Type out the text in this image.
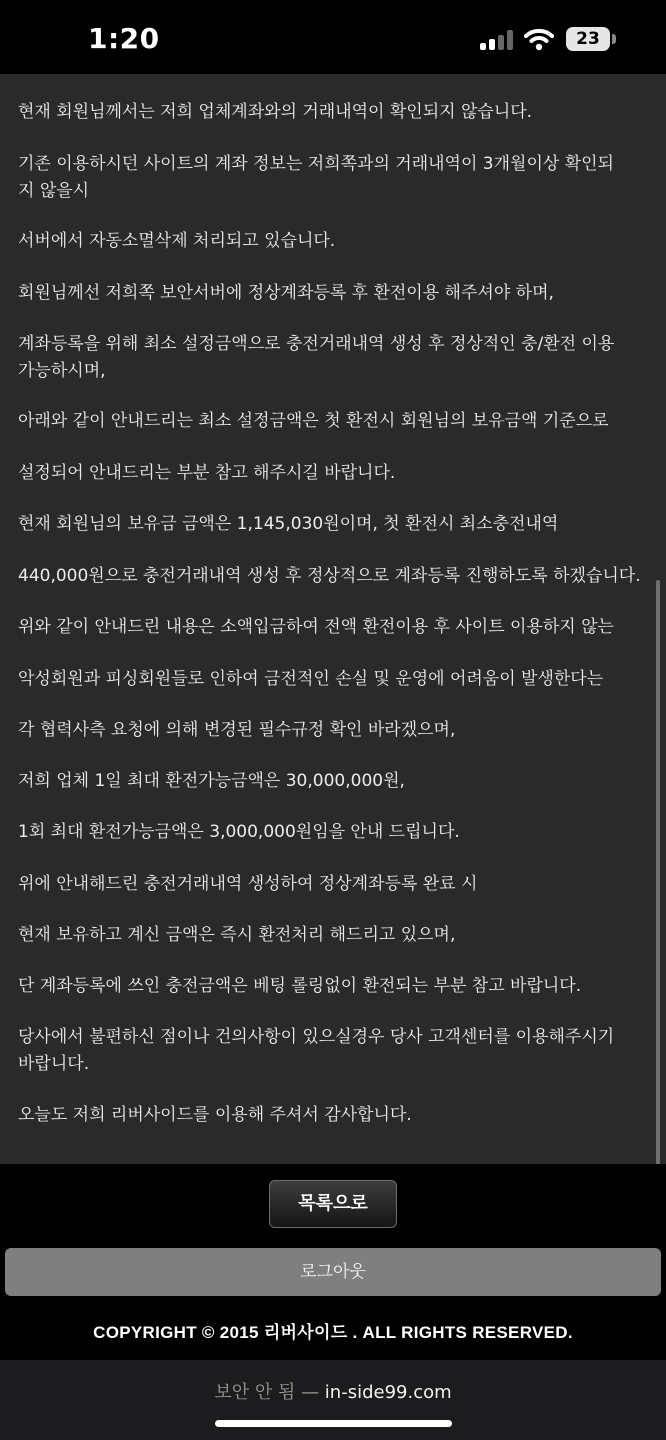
1:20	23
현재 회원님께서는 저희 업체계좌와의 거래내역이 확인되지 않습니다.
기존 이용하시던 사이트의 계좌 정보는 저희쪽과의 거래내역이 3개월이상 확인되
지 않을시
서버에서 자동소멸삭제 처리되고 있습니다.
회원님께선 저희쪽 보안서버에 정상계좌등록 후 환전이용 해주셔야 하며,
계좌등록을 위해 최소 설정금액으로 충전거래내역 생성 후 정상적인 충/환전 이용
가능하시며,
아래와 같이 안내드리는 최소 설정금액은 첫 환전시 회원님의 보유금액 기준으로
설정되어 안내드리는 부분 참고 해주시길 바랍니다.
현재 회원님의 보유금 금액은 1,145,030원이며, 첫 환전시 최소충전내역
440,000원으로 충전거래내역 생성 후 정상적으로 계좌등록 진행하도록 하겠습니다.
위와 같이 안내드린 내용은 소액입금하여 전액 환전이용 후 사이트 이용하지 않는
악성회원과 피싱회원들로 인하여 금전적인 손실 및 운영에 어려움이 발생한다는
각 협력사측 요청에 의해 변경된 필수규정 확인 바라겠으며,
저희 업체 1일 최대 환전가능금액은 30,000,000원,
1회 최대 환전가능금액은 3,000,000원임을 안내 드립니다.
위에 안내해드린 충전거래내역 생성하여 정상계좌등록 완료 시
현재 보유하고 계신 금액은 즉시 환전처리 해드리고 있으며,
단 계좌등록에 쓰인 충전금액은 베팅 롤링없이 환전되는 부분 참고 바랍니다.
당사에서 불편하신 점이나 건의사항이 있으실경우 당사 고객센터를 이용해주시기
바랍니다.
오늘도 저희 리버사이드를 이용해 주셔서 감사합니다.
목록으로
로그아웃
COPYRIGHT © 2015 리버사이드 . ALL RIGHTS RESERVED.
보안 안 됨 — in-side99.com
